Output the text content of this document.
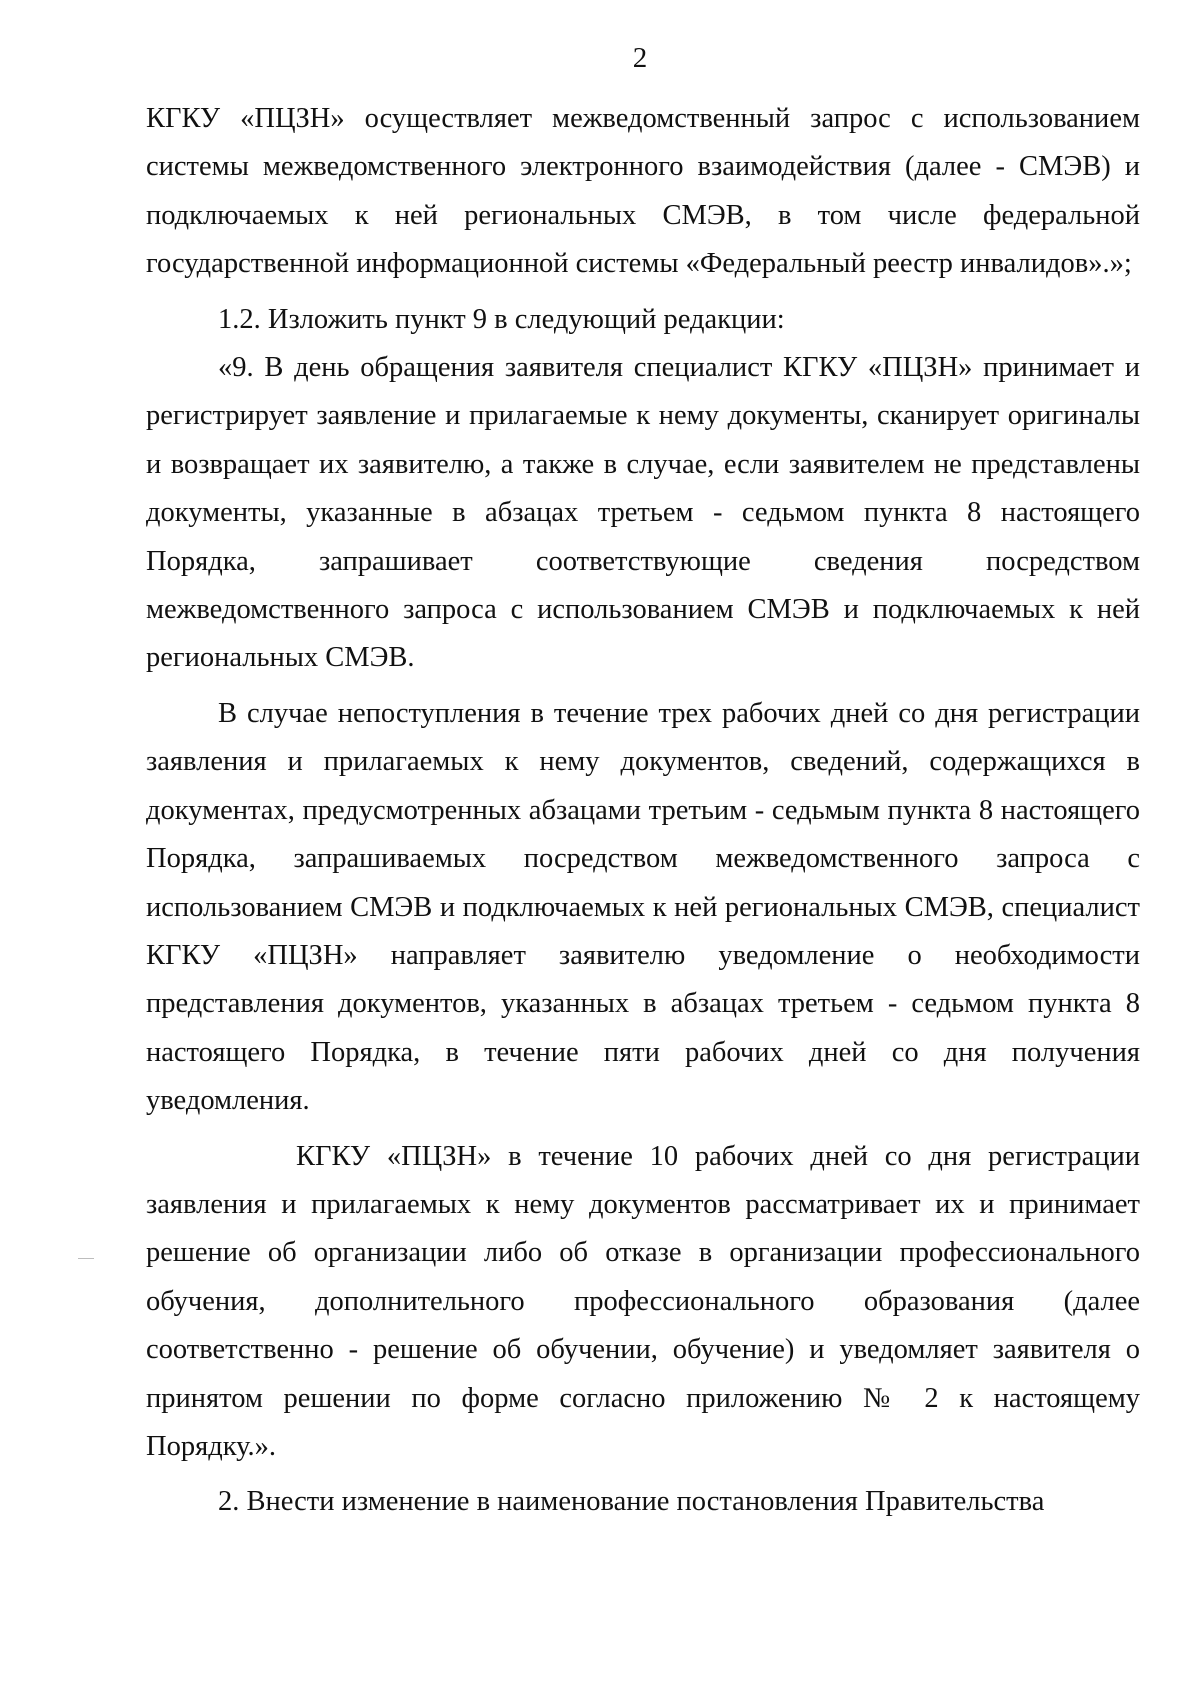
2

КГКУ «ПЦЗН» осуществляет межведомственный запрос с использованием системы межведомственного электронного взаимодействия (далее - СМЭВ) и подключаемых к ней региональных СМЭВ, в том числе федеральной государственной информационной системы «Федеральный реестр инвалидов».»;

1.2. Изложить пункт 9 в следующий редакции:

«9. В день обращения заявителя специалист КГКУ «ПЦЗН» принимает и регистрирует заявление и прилагаемые к нему документы, сканирует оригиналы и возвращает их заявителю, а также в случае, если заявителем не представлены документы, указанные в абзацах третьем - седьмом пункта 8 настоящего Порядка, запрашивает соответствующие сведения посредством межведомственного запроса с использованием СМЭВ и подключаемых к ней региональных СМЭВ.

В случае непоступления в течение трех рабочих дней со дня регистрации заявления и прилагаемых к нему документов, сведений, содержащихся в документах, предусмотренных абзацами третьим - седьмым пункта 8 настоящего Порядка, запрашиваемых посредством межведомственного запроса с использованием СМЭВ и подключаемых к ней региональных СМЭВ, специалист КГКУ «ПЦЗН» направляет заявителю уведомление о необходимости представления документов, указанных в абзацах третьем - седьмом пункта 8 настоящего Порядка, в течение пяти рабочих дней со дня получения уведомления.

КГКУ «ПЦЗН» в течение 10 рабочих дней со дня регистрации заявления и прилагаемых к нему документов рассматривает их и принимает решение об организации либо об отказе в организации профессионального обучения, дополнительного профессионального образования (далее соответственно - решение об обучении, обучение) и уведомляет заявителя о принятом решении по форме согласно приложению № 2 к настоящему Порядку.».

2. Внести изменение в наименование постановления Правительства
